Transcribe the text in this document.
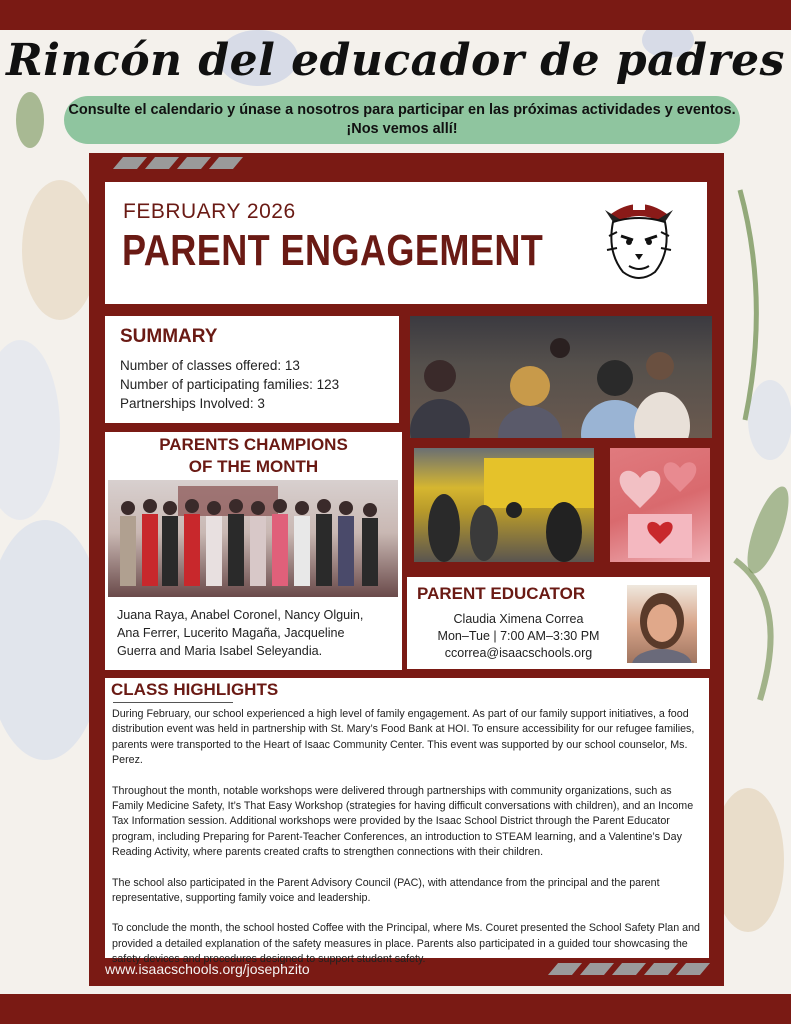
Rincón del educador de padres
Consulte el calendario y únase a nosotros para participar en las próximas actividades y eventos.
¡Nos vemos allí!
FEBRUARY 2026
PARENT ENGAGEMENT
SUMMARY
Number of classes offered: 13
Number of participating families: 123
Partnerships Involved: 3
PARENTS CHAMPIONS
OF THE MONTH
Juana Raya, Anabel Coronel, Nancy Olguin,
Ana Ferrer, Lucerito Magaña, Jacqueline
Guerra and Maria Isabel Seleyandia.
PARENT EDUCATOR
Claudia Ximena Correa
Mon–Tue | 7:00 AM–3:30 PM
ccorrea@isaacschools.org
CLASS HIGHLIGHTS

During February, our school experienced a high level of family engagement. As part of our family support initiatives, a food distribution event was held in partnership with St. Mary’s Food Bank at HOI. To ensure accessibility for our refugee families, parents were transported to the Heart of Isaac Community Center. This event was supported by our school counselor, Ms. Perez.

Throughout the month, notable workshops were delivered through partnerships with community organizations, such as Family Medicine Safety, It’s That Easy Workshop (strategies for having difficult conversations with children), and an Income Tax Information session. Additional workshops were provided by the Isaac School District through the Parent Educator program, including Preparing for Parent-Teacher Conferences, an introduction to STEAM learning, and a Valentine’s Day Reading Activity, where parents created crafts to strengthen connections with their children.

The school also participated in the Parent Advisory Council (PAC), with attendance from the principal and the parent representative, supporting family voice and leadership.

To conclude the month, the school hosted Coffee with the Principal, where Ms. Couret presented the School Safety Plan and provided a detailed explanation of the safety measures in place. Parents also participated in a guided tour showcasing the safety devices and procedures designed to support student safety.

www.isaacschools.org/josephzito
